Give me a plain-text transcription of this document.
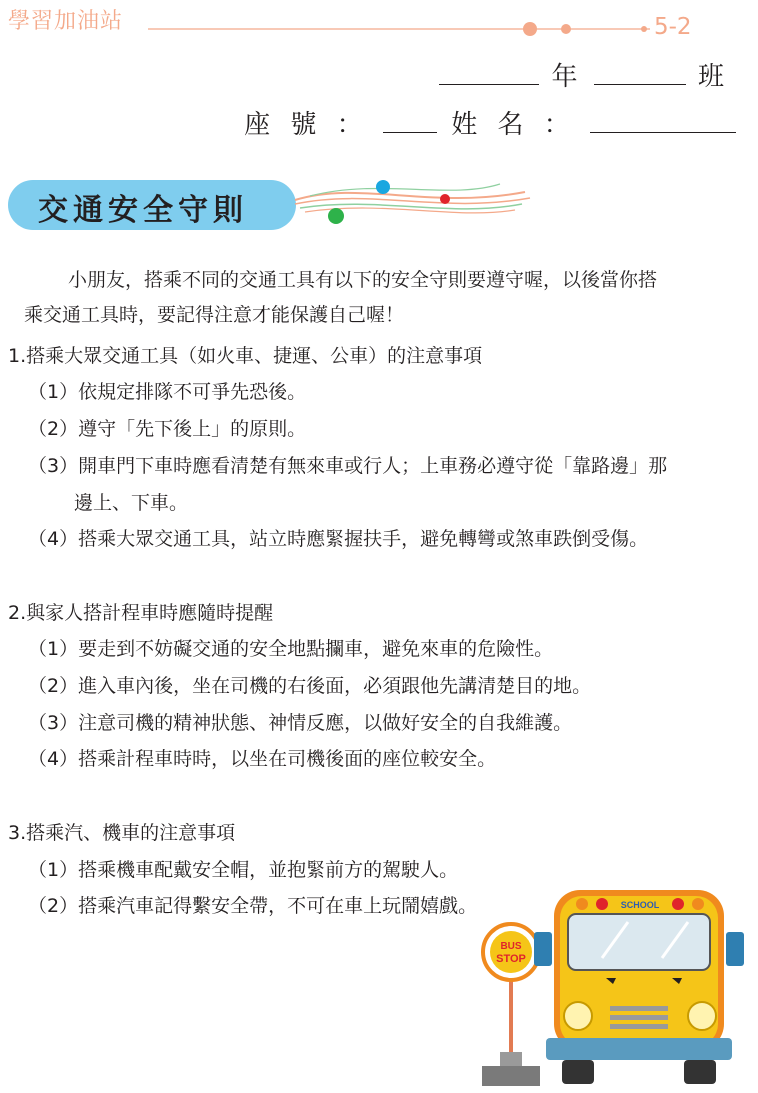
學習加油站	5-2
年	班
座 號 ：	姓 名 ：
交通安全守則
小朋友，搭乘不同的交通工具有以下的安全守則要遵守喔，以後當你搭
乘交通工具時，要記得注意才能保護自己喔！
1.搭乘大眾交通工具（如火車、捷運、公車）的注意事項
（1）依規定排隊不可爭先恐後。
（2）遵守「先下後上」的原則。
（3）開車門下車時應看清楚有無來車或行人；上車務必遵守從「靠路邊」那
邊上、下車。
（4）搭乘大眾交通工具，站立時應緊握扶手，避免轉彎或煞車跌倒受傷。
2.與家人搭計程車時應隨時提醒
（1）要走到不妨礙交通的安全地點攔車，避免來車的危險性。
（2）進入車內後，坐在司機的右後面，必須跟他先講清楚目的地。
（3）注意司機的精神狀態、神情反應，以做好安全的自我維護。
（4）搭乘計程車時時，以坐在司機後面的座位較安全。
3.搭乘汽、機車的注意事項
（1）搭乘機車配戴安全帽，並抱緊前方的駕駛人。
（2）搭乘汽車記得繫安全帶，不可在車上玩鬧嬉戲。
BUS
STOP
SCHOOL
